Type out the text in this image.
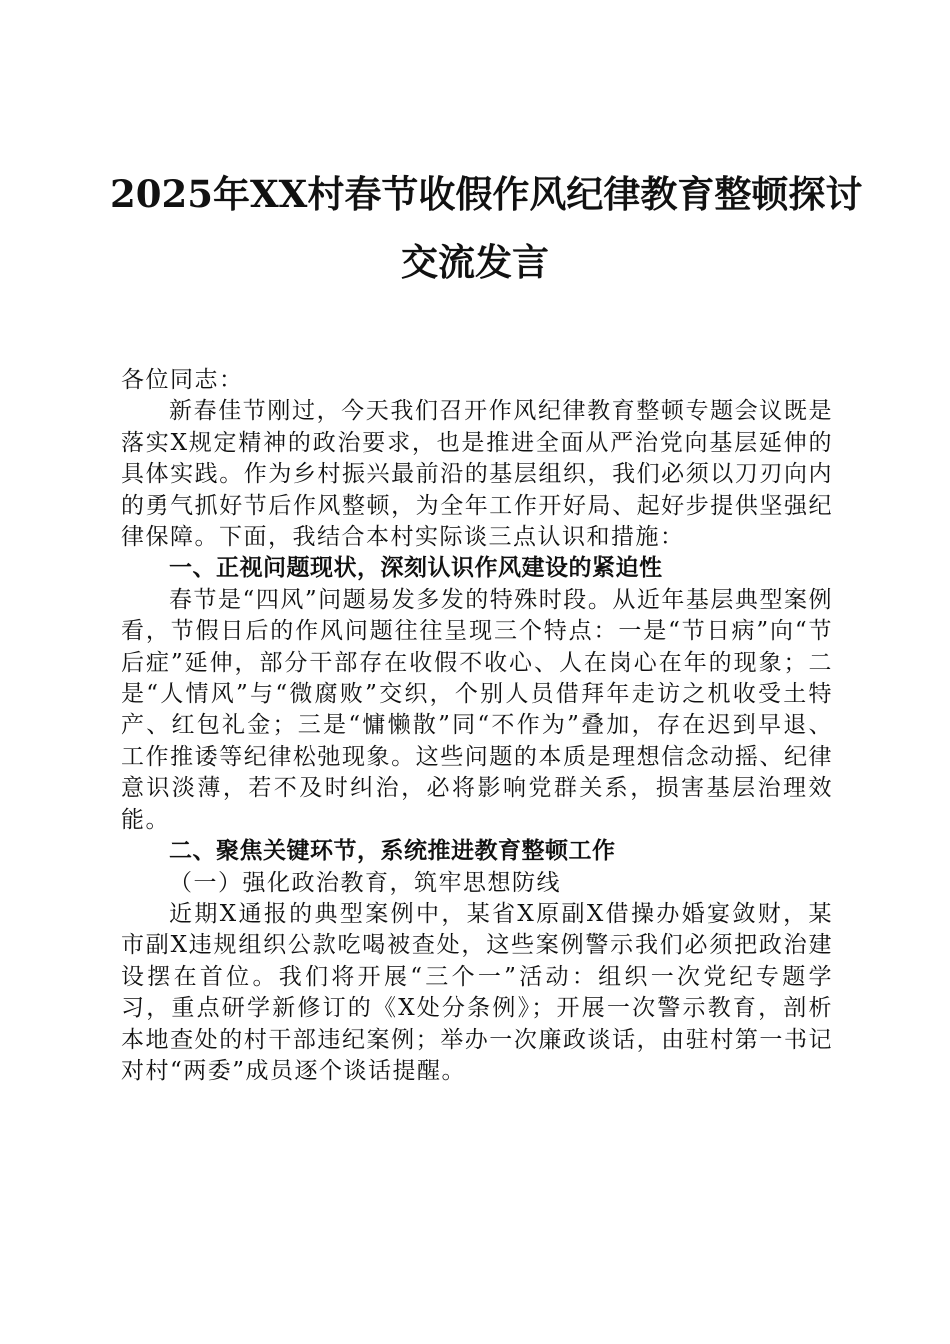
2025年XX村春节收假作风纪律教育整顿探讨
交流发言

各位同志：

新春佳节刚过，今天我们召开作风纪律教育整顿专题会议既是落实X规定精神的政治要求，也是推进全面从严治党向基层延伸的具体实践。作为乡村振兴最前沿的基层组织，我们必须以刀刃向内的勇气抓好节后作风整顿，为全年工作开好局、起好步提供坚强纪律保障。下面，我结合本村实际谈三点认识和措施：

一、正视问题现状，深刻认识作风建设的紧迫性

春节是“四风”问题易发多发的特殊时段。从近年基层典型案例看，节假日后的作风问题往往呈现三个特点：一是“节日病”向“节后症”延伸，部分干部存在收假不收心、人在岗心在年的现象；二是“人情风”与“微腐败”交织，个别人员借拜年走访之机收受土特产、红包礼金；三是“慵懒散”同“不作为”叠加，存在迟到早退、工作推诿等纪律松弛现象。这些问题的本质是理想信念动摇、纪律意识淡薄，若不及时纠治，必将影响党群关系，损害基层治理效能。

二、聚焦关键环节，系统推进教育整顿工作

（一）强化政治教育，筑牢思想防线

近期X通报的典型案例中，某省X原副X借操办婚宴敛财，某市副X违规组织公款吃喝被查处，这些案例警示我们必须把政治建设摆在首位。我们将开展“三个一”活动：组织一次党纪专题学习，重点研学新修订的《X处分条例》；开展一次警示教育，剖析本地查处的村干部违纪案例；举办一次廉政谈话，由驻村第一书记对村“两委”成员逐个谈话提醒。
